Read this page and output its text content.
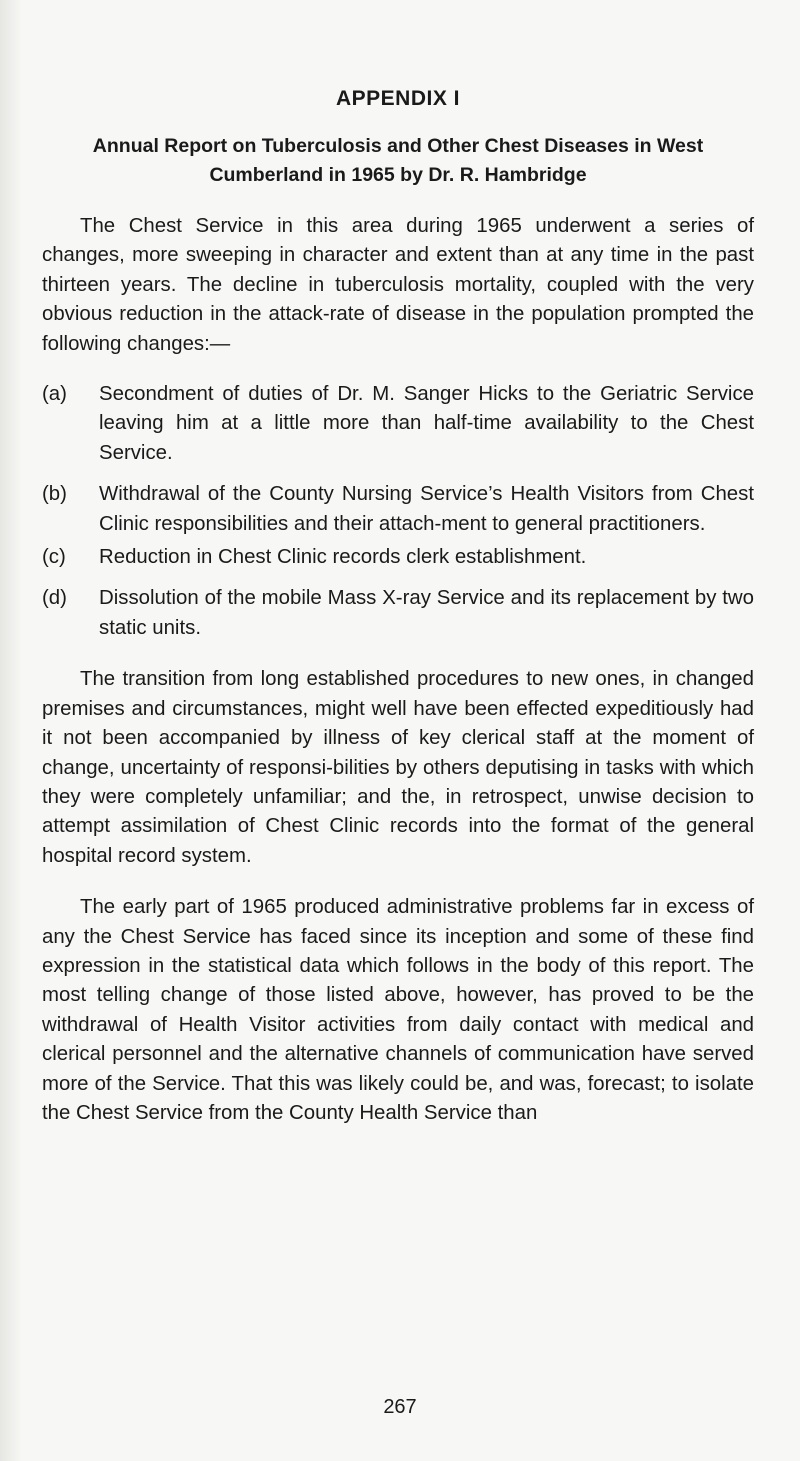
APPENDIX I
Annual Report on Tuberculosis and Other Chest Diseases in West
Cumberland in 1965 by Dr. R. Hambridge

The Chest Service in this area during 1965 underwent a series of changes, more sweeping in character and extent than at any time in the past thirteen years. The decline in tuberculosis mortality, coupled with the very obvious reduction in the attack-rate of disease in the population prompted the following changes:—

(a)	Secondment of duties of Dr. M. Sanger Hicks to the Geriatric Service leaving him at a little more than half-time availability to the Chest Service.
(b)	Withdrawal of the County Nursing Service’s Health Visitors from Chest Clinic responsibilities and their attach-ment to general practitioners.
(c)	Reduction in Chest Clinic records clerk establishment.
(d)	Dissolution of the mobile Mass X-ray Service and its replacement by two static units.

The transition from long established procedures to new ones, in changed premises and circumstances, might well have been effected expeditiously had it not been accompanied by illness of key clerical staff at the moment of change, uncertainty of responsi-bilities by others deputising in tasks with which they were completely unfamiliar; and the, in retrospect, unwise decision to attempt assimilation of Chest Clinic records into the format of the general hospital record system.

The early part of 1965 produced administrative problems far in excess of any the Chest Service has faced since its inception and some of these find expression in the statistical data which follows in the body of this report. The most telling change of those listed above, however, has proved to be the withdrawal of Health Visitor activities from daily contact with medical and clerical personnel and the alternative channels of communication have served more of the Service. That this was likely could be, and was, forecast; to isolate the Chest Service from the County Health Service than

267
